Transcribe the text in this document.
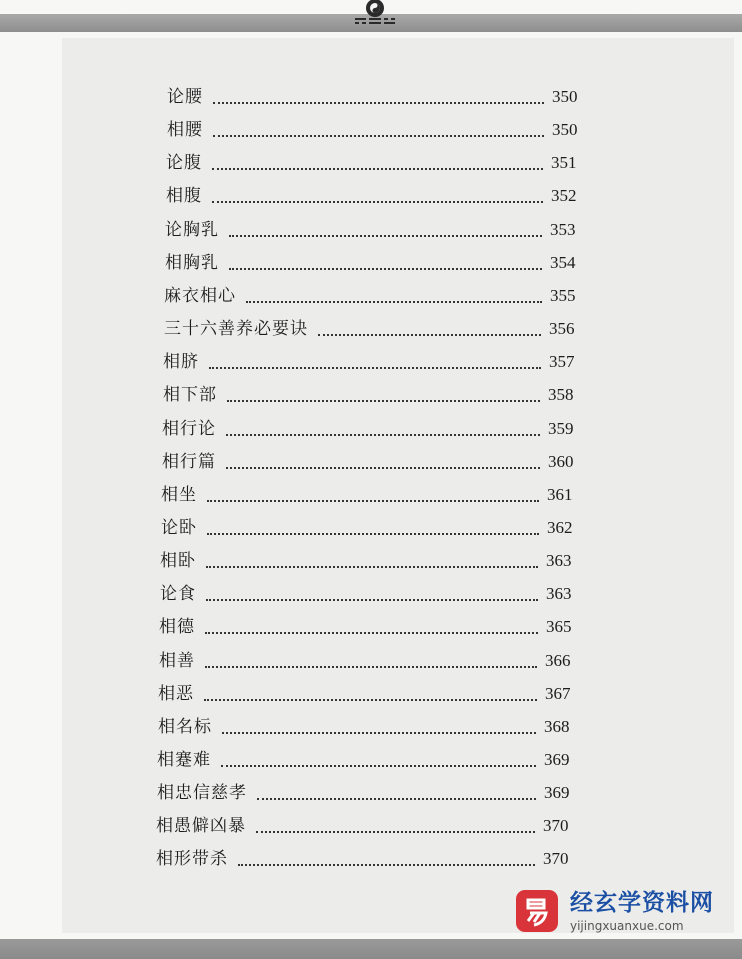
论腰	350
相腰	350
论腹	351
相腹	352
论胸乳	353
相胸乳	354
麻衣相心	355
三十六善养必要诀	356
相脐	357
相下部	358
相行论	359
相行篇	360
相坐	361
论卧	362
相卧	363
论食	363
相德	365
相善	366
相恶	367
相名标	368
相蹇难	369
相忠信慈孝	369
相愚僻凶暴	370
相形带杀	370
经玄学资料网
yijingxuanxue.com
